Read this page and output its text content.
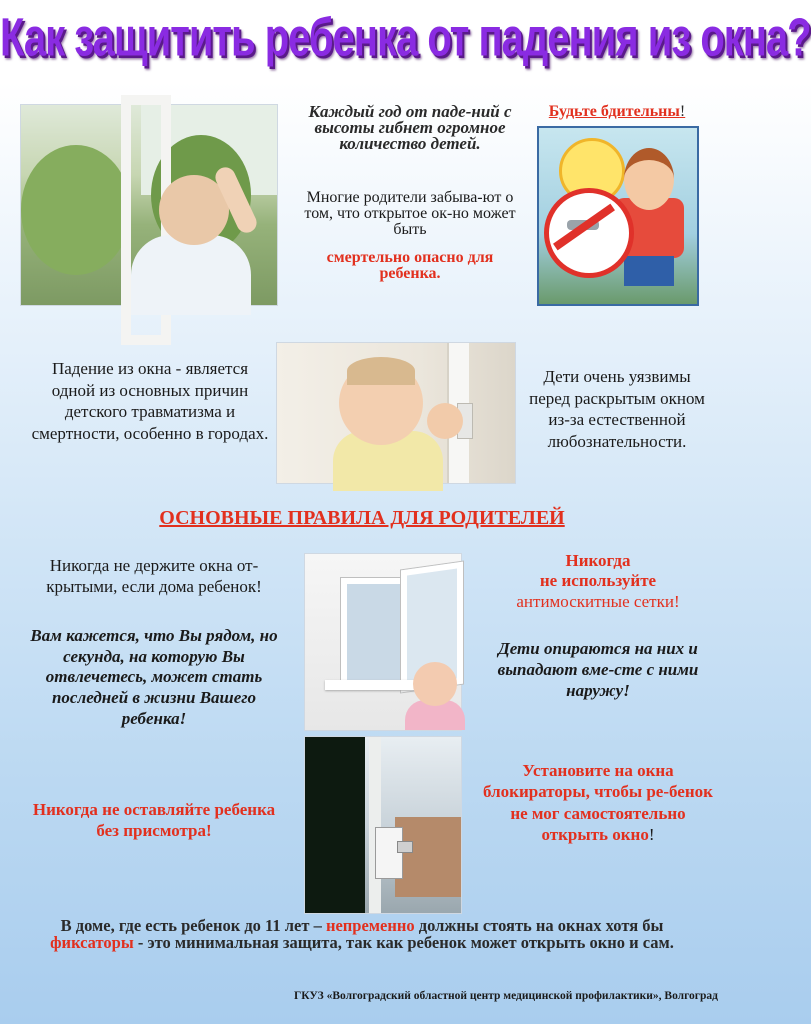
Как защитить ребенка от падения из окна?
Каждый год от паде-ний с высоты гибнет огромное количество детей.
Многие родители забыва-ют о том, что открытое ок-но может быть
смертельно опасно для ребенка.
Будьте бдительны!
Падение из окна - является одной из основных причин детского травматизма и смертности, особенно в городах.
Дети очень уязвимы перед раскрытым окном из-за естественной любознательности.
ОСНОВНЫЕ ПРАВИЛА ДЛЯ РОДИТЕЛЕЙ
Никогда не держите окна от-крытыми, если дома ребенок!
Вам кажется, что Вы рядом, но секунда, на которую Вы отвлечетесь, может стать последней в жизни Вашего ребенка!
Никогда не оставляйте ребенка без присмотра!
Никогда
не используйте
антимоскитные сетки!
Дети опираются на них и выпадают вме-сте с ними наружу!
Установите на окна блокираторы, чтобы ре-бенок не мог самостоятельно открыть окно!
В доме, где есть ребенок до 11 лет – непременно должны стоять на окнах хотя бы фиксаторы - это минимальная защита, так как ребенок может открыть окно и сам.
ГКУЗ «Волгоградский областной центр медицинской профилактики», Волгоград
